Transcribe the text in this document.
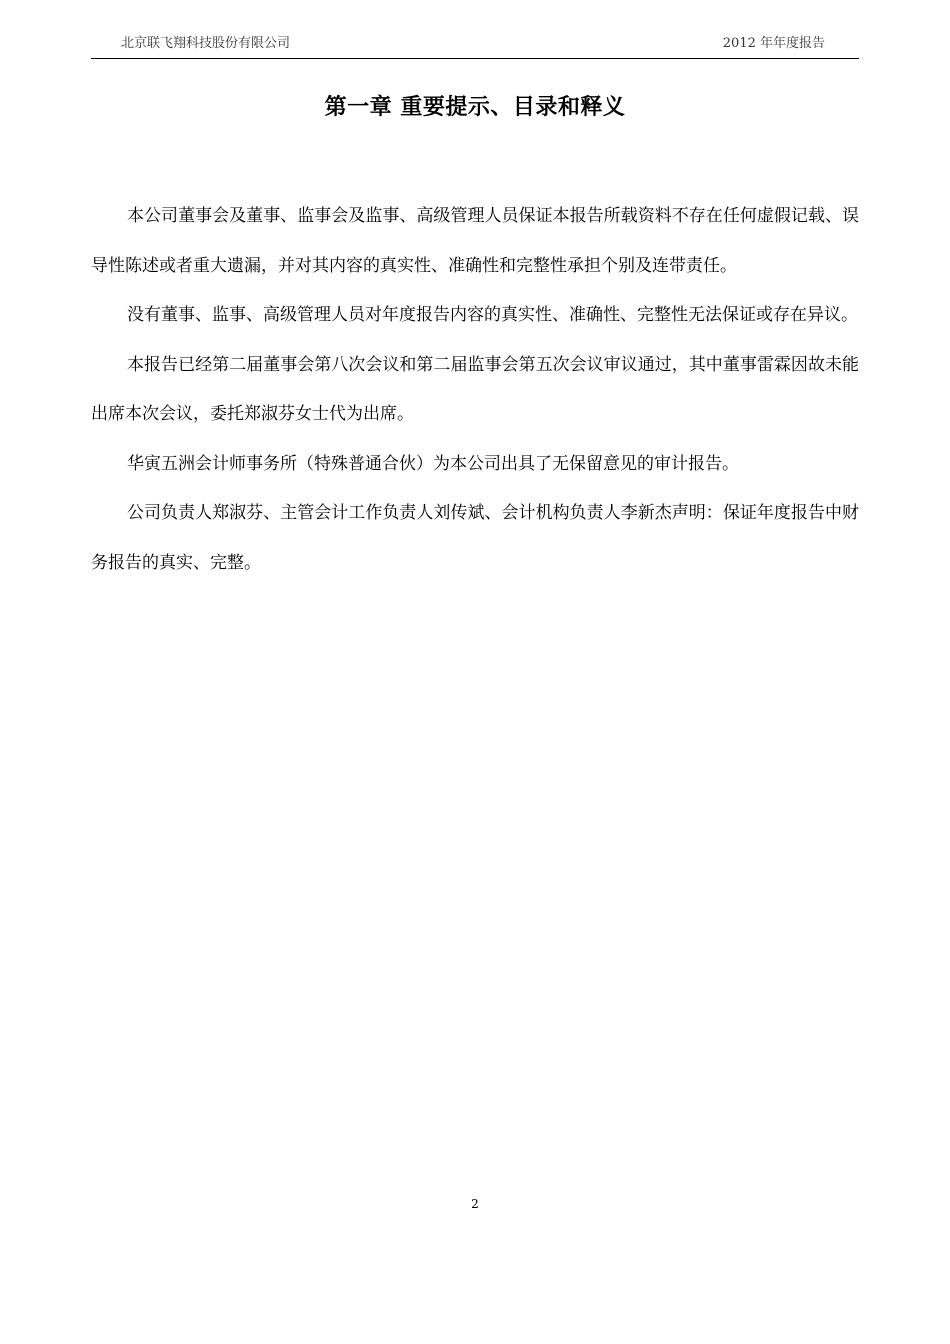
北京联飞翔科技股份有限公司	2012 年年度报告
第一章 重要提示、目录和释义

本公司董事会及董事、监事会及监事、高级管理人员保证本报告所载资料不存在任何虚假记载、误导性陈述或者重大遗漏，并对其内容的真实性、准确性和完整性承担个别及连带责任。

没有董事、监事、高级管理人员对年度报告内容的真实性、准确性、完整性无法保证或存在异议。

本报告已经第二届董事会第八次会议和第二届监事会第五次会议审议通过，其中董事雷霖因故未能出席本次会议，委托郑淑芬女士代为出席。

华寅五洲会计师事务所（特殊普通合伙）为本公司出具了无保留意见的审计报告。

公司负责人郑淑芬、主管会计工作负责人刘传斌、会计机构负责人李新杰声明：保证年度报告中财务报告的真实、完整。

2
